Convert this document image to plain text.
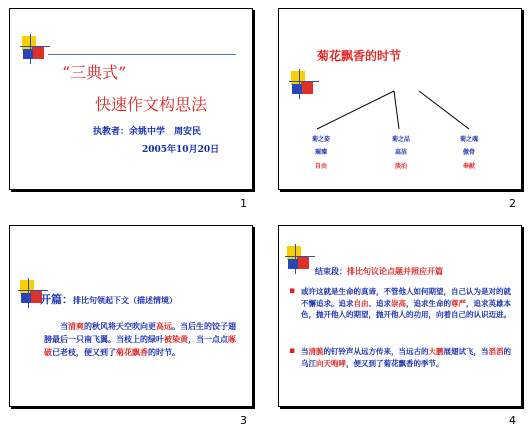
“三典式”
快速作文构思法
执教者：余姚中学　周安民
2005年10月20日
1
菊花飘香的时节
菊之姿
璀璨
自由
菊之品
高洁
淡泊
菊之魂
傲骨
奉献
2
开篇：排比句领起下文（描述情境）
当清爽的秋风将天空吹向更高远。当后生的饺子翅膀最后一只南飞翼。当枝上的绿叶被染黄，当一点点啄破已老枝，便又到了菊花飘香的时节。
3
结束段：排比句议论点题并照应开篇
▪ 或许这就是生命的真谛，不管他人如何期望，自己认为是对的就不懈追求。追求自由、追求崇高，追求生命的尊严，追求英雄本色，抛开他人的期望，抛开他人的功用，向着自己的认识迈进。
▪ 当清脆的钉铃声从远方传来，当远古的大鹏展翅试飞，当滔滔的乌江向天咆哮，便又到了菊花飘香的季节。
4
